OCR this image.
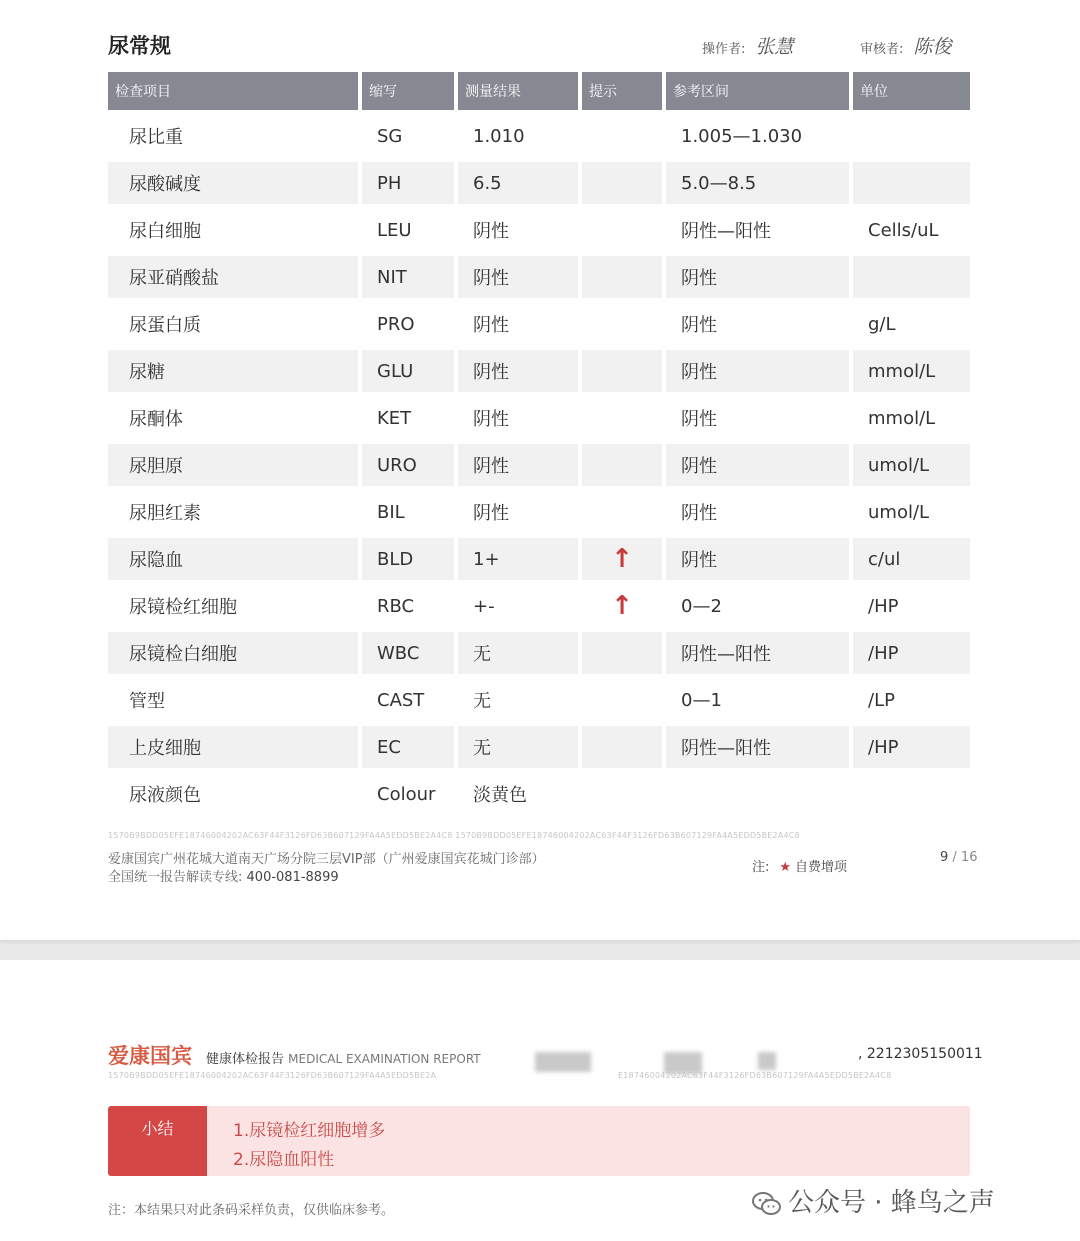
尿常规	操作者: 张慧	审核者: 陈俊
检查项目	缩写	测量结果	提示	参考区间	单位
尿比重	SG	1.010		1.005—1.030	
尿酸碱度	PH	6.5		5.0—8.5	
尿白细胞	LEU	阴性		阴性—阳性	Cells/uL
尿亚硝酸盐	NIT	阴性		阴性	
尿蛋白质	PRO	阴性		阴性	g/L
尿糖	GLU	阴性		阴性	mmol/L
尿酮体	KET	阴性		阴性	mmol/L
尿胆原	URO	阴性		阴性	umol/L
尿胆红素	BIL	阴性		阴性	umol/L
尿隐血	BLD	1+	↑	阴性	c/ul
尿镜检红细胞	RBC	+-	↑	0—2	/HP
尿镜检白细胞	WBC	无		阴性—阳性	/HP
管型	CAST	无		0—1	/LP
上皮细胞	EC	无		阴性—阳性	/HP
尿液颜色	Colour	淡黄色			
1570B9BDD05EFE18746004202AC63F44F3126FD63B607129FA4A5EDD5BE2A4C8 1570B9BDD05EFE18746004202AC63F44F3126FD63B607129FA4A5EDD5BE2A4C8
爱康国宾广州花城大道南天广场分院三层VIP部（广州爱康国宾花城门诊部）
全国统一报告解读专线: 400-081-8899
注: ★ 自费增项
9 / 16
爱康国宾 健康体检报告 MEDICAL EXAMINATION REPORT	, 2212305150011
1570B9BDD05EFE18746004202AC63F44F3126FD63B607129FA4A5EDD5BE2A	E18746004202AC63F44F3126FD63B607129FA4A5EDD5BE2A4C8
小结	1.尿镜检红细胞增多
2.尿隐血阳性
注：本结果只对此条码采样负责，仅供临床参考。	公众号 · 蜂鸟之声
